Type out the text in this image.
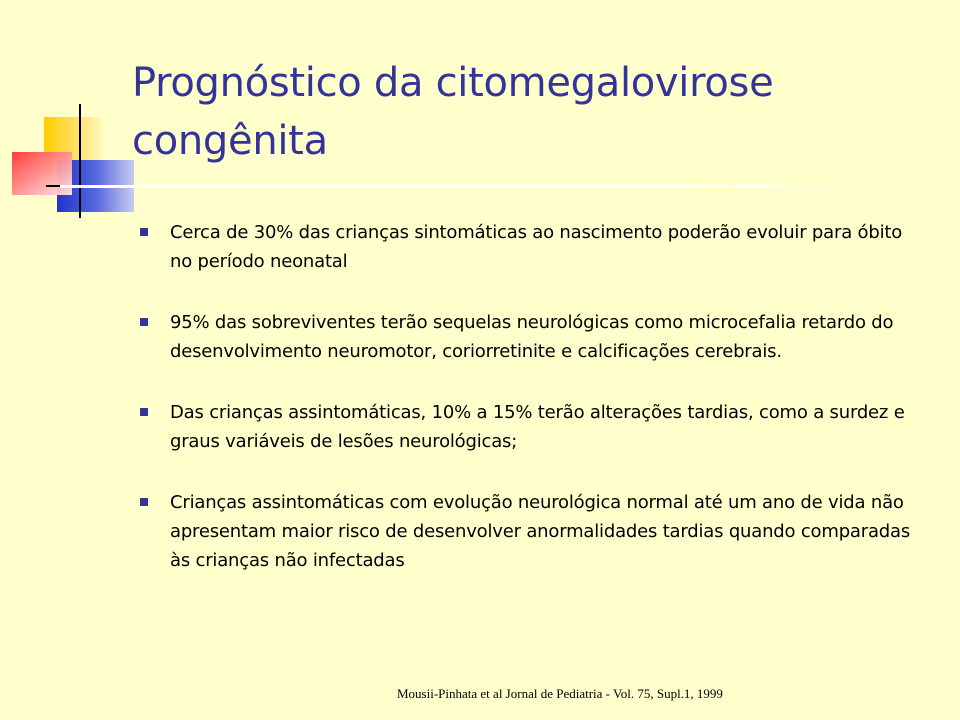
Prognóstico da citomegalovirose congênita
Cerca de 30% das crianças sintomáticas ao nascimento poderão evoluir para óbito no período neonatal
95% das sobreviventes terão sequelas neurológicas como microcefalia retardo do desenvolvimento neuromotor, coriorretinite e calcificações cerebrais.
Das crianças assintomáticas, 10% a 15% terão alterações tardias, como a surdez e graus variáveis de lesões neurológicas;
Crianças assintomáticas com evolução neurológica normal até um ano de vida não apresentam maior risco de desenvolver anormalidades tardias quando comparadas às crianças não infectadas
Mousii-Pinhata et al Jornal de Pediatria - Vol. 75, Supl.1, 1999
